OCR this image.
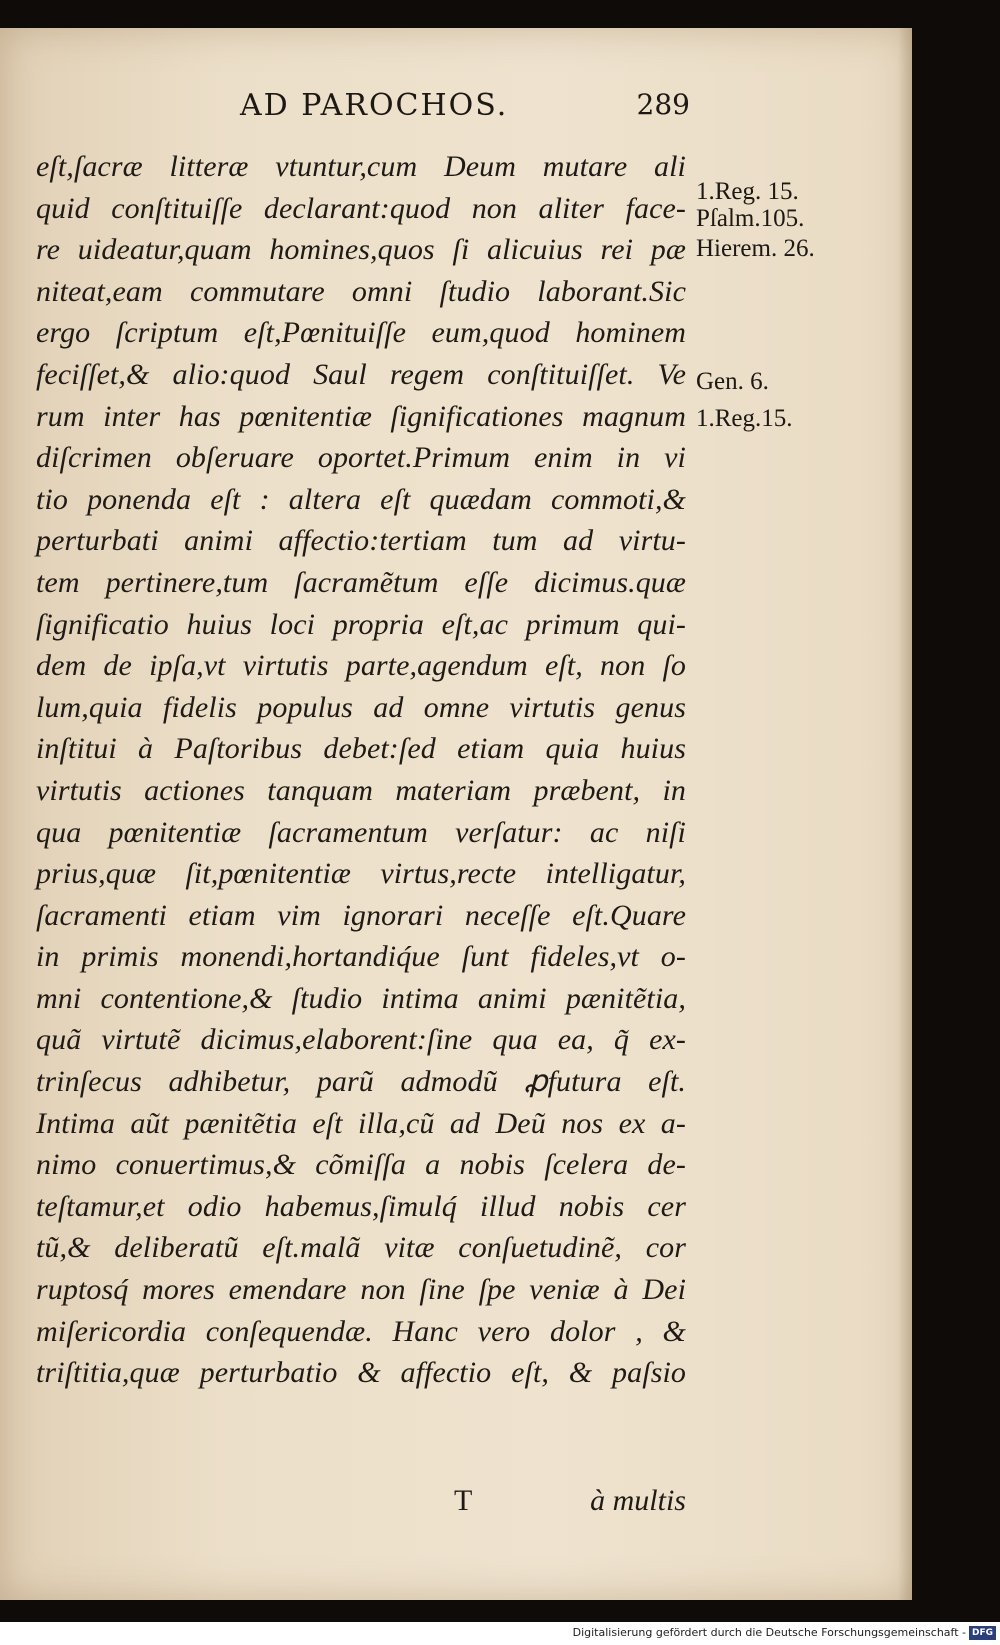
AD PAROCHOS.	289
eſt,ſacræ litteræ vtuntur,cum Deum mutare ali
quid conſtituiſſe declarant:quod non aliter face-
re uideatur,quam homines,quos ſi alicuius rei pæ
niteat,eam commutare omni ſtudio laborant.Sic
ergo ſcriptum eſt,Pœnituiſſe eum,quod hominem
feciſſet,& alio:quod Saul regem conſtituiſſet. Ve
rum inter has pœnitentiæ ſignificationes magnum
diſcrimen obſeruare oportet.Primum enim in vi
tio ponenda eſt : altera eſt quædam commoti,&
perturbati animi affectio:tertiam tum ad virtu-
tem pertinere,tum ſacramẽtum eſſe dicimus.quæ
ſignificatio huius loci propria eſt,ac primum qui-
dem de ipſa,vt virtutis parte,agendum eſt, non ſo
lum,quia fidelis populus ad omne virtutis genus
inſtitui à Paſtoribus debet:ſed etiam quia huius
virtutis actiones tanquam materiam præbent, in
qua pœnitentiæ ſacramentum verſatur: ac niſi
prius,quæ ſit,pœnitentiæ virtus,recte intelligatur,
ſacramenti etiam vim ignorari neceſſe eſt.Quare
in primis monendi,hortandiq́ue ſunt fideles,vt o-
mni contentione,& ſtudio intima animi pænitẽtia,
quã virtutẽ dicimus,elaborent:ſine qua ea, q̃ ex-
trinſecus adhibetur, parũ admodũ ꝓfutura eſt.
Intima aũt pænitẽtia eſt illa,cũ ad Deũ nos ex a-
nimo conuertimus,& cõmiſſa a nobis ſcelera de-
teſtamur,et odio habemus,ſimulq́ illud nobis cer
tũ,& deliberatũ eſt.malã vitæ conſuetudinẽ, cor
ruptosq́ mores emendare non ſine ſpe veniæ à Dei
miſericordia conſequendæ. Hanc vero dolor , &
triſtitia,quæ perturbatio & affectio eſt, & paſsio
T	à multis
1.Reg. 15.
Pſalm.105.
Hierem. 26.
Gen. 6.
1.Reg.15.
Digitalisierung gefördert durch die Deutsche Forschungsgemeinschaft - DFG
